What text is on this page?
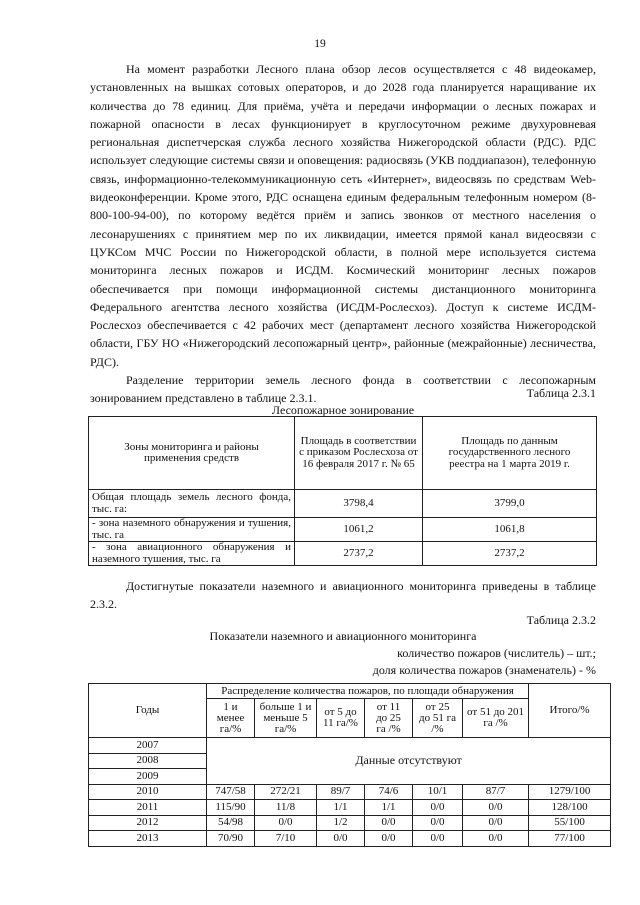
19

На момент разработки Лесного плана обзор лесов осуществляется с 48 видеокамер, установленных на вышках сотовых операторов, и до 2028 года планируется наращивание их количества до 78 единиц. Для приёма, учёта и передачи информации о лесных пожарах и пожарной опасности в лесах функционирует в круглосуточном режиме двухуровневая региональная диспетчерская служба лесного хозяйства Нижегородской области (РДС). РДС использует следующие системы связи и оповещения: радиосвязь (УКВ поддиапазон), телефонную связь, информационно-телекоммуникационную сеть «Интернет», видеосвязь по средствам Web-видеоконференции. Кроме этого, РДС оснащена единым федеральным телефонным номером (8-800-100-94-00), по которому ведётся приём и запись звонков от местного населения о лесонарушениях с принятием мер по их ликвидации, имеется прямой канал видеосвязи с ЦУКСом МЧС России по Нижегородской области, в полной мере используется система мониторинга лесных пожаров и ИСДМ. Космический мониторинг лесных пожаров обеспечивается при помощи информационной системы дистанционного мониторинга Федерального агентства лесного хозяйства (ИСДМ-Рослесхоз). Доступ к системе ИСДМ-Рослесхоз обеспечивается с 42 рабочих мест (департамент лесного хозяйства Нижегородской области, ГБУ НО «Нижегородский лесопожарный центр», районные (межрайонные) лесничества, РДС).

Разделение территории земель лесного фонда в соответствии с лесопожарным зонированием представлено в таблице 2.3.1.	Таблица 2.3.1
Лесопожарное зонирование
Зоны мониторинга и районы применения средств	Площадь в соответствии с приказом Рослесхоза от 16 февраля 2017 г. № 65	Площадь по данным государственного лесного реестра на 1 марта 2019 г.
Общая площадь земель лесного фонда, тыс. га:	3798,4	3799,0
- зона наземного обнаружения и тушения, тыс. га	1061,2	1061,8
- зона авиационного обнаружения и наземного тушения, тыс. га	2737,2	2737,2

Достигнутые показатели наземного и авиационного мониторинга приведены в таблице 2.3.2.

Таблица 2.3.2
Показатели наземного и авиационного мониторинга
количество пожаров (числитель) – шт.;
доля количества пожаров (знаменатель) - %
Годы	Распределение количества пожаров, по площади обнаружения						Итого/%
	1 и менее га/%	больше 1 и меньше 5 га/%	от 5 до 11 га/%	от 11 до 25 га /%	от 25 до 51 га /%	от 51 до 201 га /%	
2007	Данные отсутствуют						
2008							
2009							
2010	747/58	272/21	89/7	74/6	10/1	87/7	1279/100
2011	115/90	11/8	1/1	1/1	0/0	0/0	128/100
2012	54/98	0/0	1/2	0/0	0/0	0/0	55/100
2013	70/90	7/10	0/0	0/0	0/0	0/0	77/100
